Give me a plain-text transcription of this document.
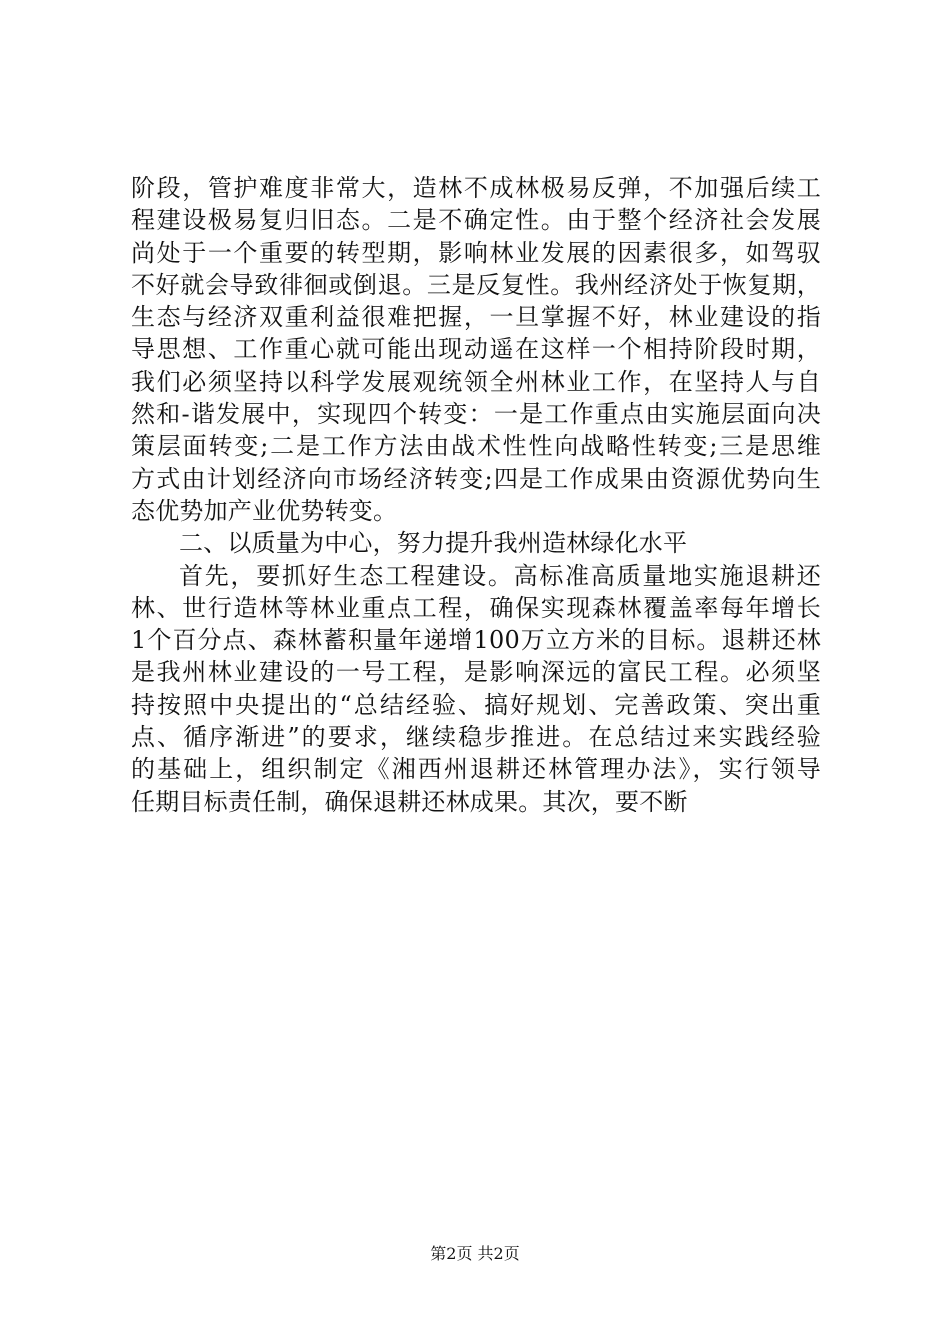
阶段，管护难度非常大，造林不成林极易反弹，不加强后续工
程建设极易复归旧态。二是不确定性。由于整个经济社会发展
尚处于一个重要的转型期，影响林业发展的因素很多，如驾驭
不好就会导致徘徊或倒退。三是反复性。我州经济处于恢复期，
生态与经济双重利益很难把握，一旦掌握不好，林业建设的指
导思想、工作重心就可能出现动遥在这样一个相持阶段时期，
我们必须坚持以科学发展观统领全州林业工作，在坚持人与自
然和-谐发展中，实现四个转变：一是工作重点由实施层面向决
策层面转变;二是工作方法由战术性性向战略性转变;三是思维
方式由计划经济向市场经济转变;四是工作成果由资源优势向生
态优势加产业优势转变。
二、以质量为中心，努力提升我州造林绿化水平
首先，要抓好生态工程建设。高标准高质量地实施退耕还
林、世行造林等林业重点工程，确保实现森林覆盖率每年增长
1个百分点、森林蓄积量年递增100万立方米的目标。退耕还林
是我州林业建设的一号工程，是影响深远的富民工程。必须坚
持按照中央提出的“总结经验、搞好规划、完善政策、突出重
点、循序渐进”的要求，继续稳步推进。在总结过来实践经验
的基础上，组织制定《湘西州退耕还林管理办法》，实行领导
任期目标责任制，确保退耕还林成果。其次，要不断
第2页 共2页
